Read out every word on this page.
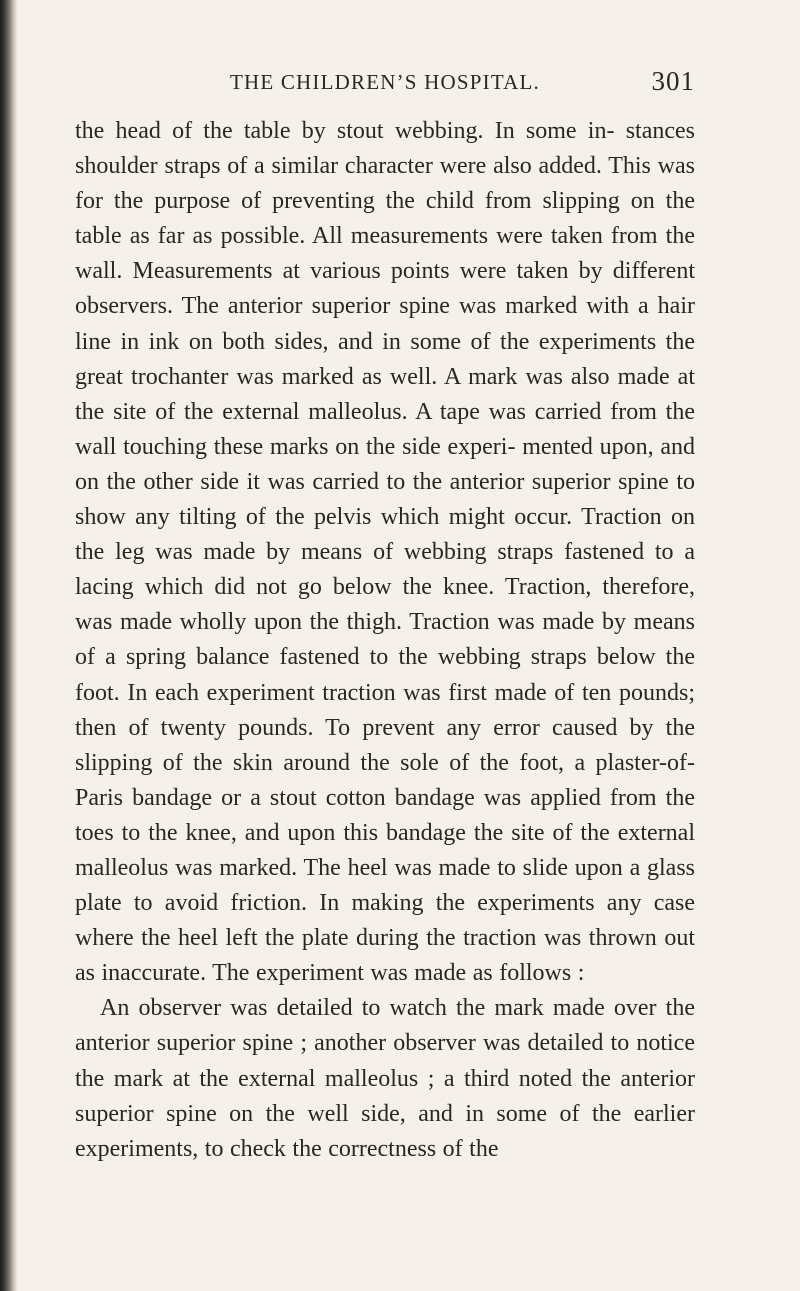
THE CHILDREN’S HOSPITAL.	301

the head of the table by stout webbing. In some in- stances shoulder straps of a similar character were also added. This was for the purpose of preventing the child from slipping on the table as far as possible. All measurements were taken from the wall. Measurements at various points were taken by different observers. The anterior superior spine was marked with a hair line in ink on both sides, and in some of the experiments the great trochanter was marked as well. A mark was also made at the site of the external malleolus. A tape was carried from the wall touching these marks on the side experi- mented upon, and on the other side it was carried to the anterior superior spine to show any tilting of the pelvis which might occur. Traction on the leg was made by means of webbing straps fastened to a lacing which did not go below the knee. Traction, therefore, was made wholly upon the thigh. Traction was made by means of a spring balance fastened to the webbing straps below the foot. In each experiment traction was first made of ten pounds; then of twenty pounds. To prevent any error caused by the slipping of the skin around the sole of the foot, a plaster-of-Paris bandage or a stout cotton bandage was applied from the toes to the knee, and upon this bandage the site of the external malleolus was marked. The heel was made to slide upon a glass plate to avoid friction. In making the experiments any case where the heel left the plate during the traction was thrown out as inaccurate. The experiment was made as follows :

An observer was detailed to watch the mark made over the anterior superior spine ; another observer was detailed to notice the mark at the external malleolus ; a third noted the anterior superior spine on the well side, and in some of the earlier experiments, to check the correctness of the
